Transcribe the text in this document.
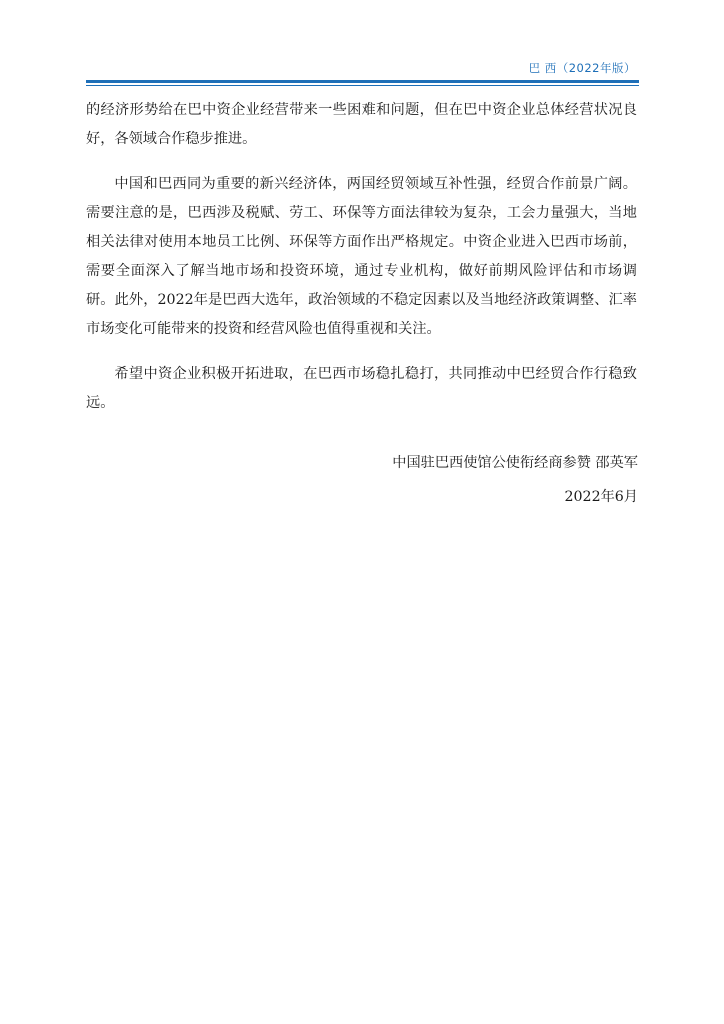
巴 西（2022年版）

的经济形势给在巴中资企业经营带来一些困难和问题，但在巴中资企业总体经营状况良好，各领域合作稳步推进。

中国和巴西同为重要的新兴经济体，两国经贸领域互补性强，经贸合作前景广阔。需要注意的是，巴西涉及税赋、劳工、环保等方面法律较为复杂，工会力量强大，当地相关法律对使用本地员工比例、环保等方面作出严格规定。中资企业进入巴西市场前，需要全面深入了解当地市场和投资环境，通过专业机构，做好前期风险评估和市场调研。此外，2022年是巴西大选年，政治领域的不稳定因素以及当地经济政策调整、汇率市场变化可能带来的投资和经营风险也值得重视和关注。

希望中资企业积极开拓进取，在巴西市场稳扎稳打，共同推动中巴经贸合作行稳致远。

中国驻巴西使馆公使衔经商参赞 邵英军
2022年6月
